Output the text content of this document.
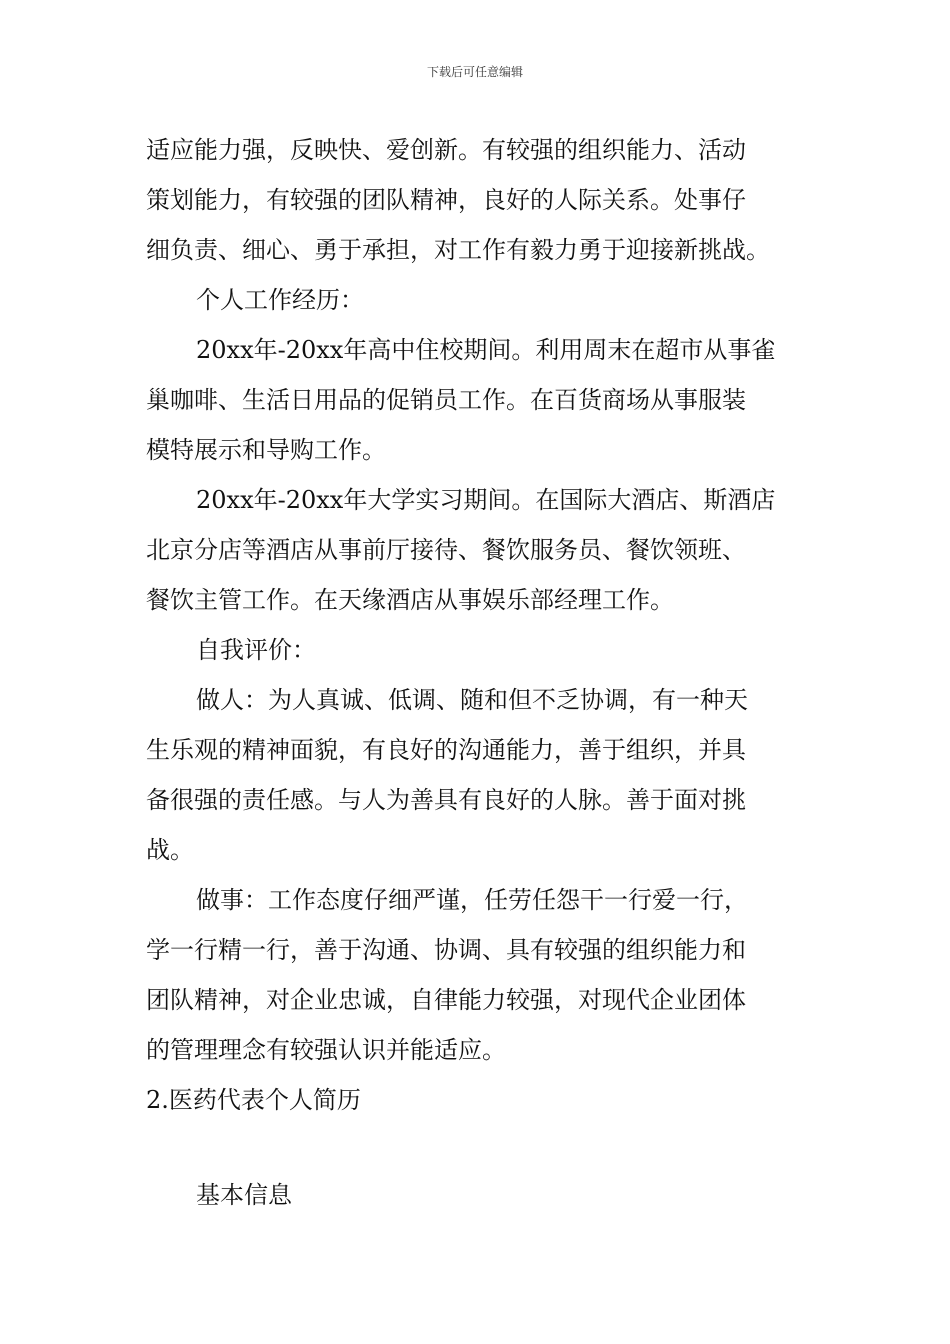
下载后可任意编辑
适应能力强，反映快、爱创新。有较强的组织能力、活动
策划能力，有较强的团队精神，良好的人际关系。处事仔
细负责、细心、勇于承担，对工作有毅力勇于迎接新挑战。
个人工作经历：
20xx年-20xx年高中住校期间。利用周末在超市从事雀
巢咖啡、生活日用品的促销员工作。在百货商场从事服装
模特展示和导购工作。
20xx年-20xx年大学实习期间。在国际大酒店、斯酒店
北京分店等酒店从事前厅接待、餐饮服务员、餐饮领班、
餐饮主管工作。在天缘酒店从事娱乐部经理工作。
自我评价：
做人：为人真诚、低调、随和但不乏协调，有一种天
生乐观的精神面貌，有良好的沟通能力，善于组织，并具
备很强的责任感。与人为善具有良好的人脉。善于面对挑
战。
做事：工作态度仔细严谨，任劳任怨干一行爱一行，
学一行精一行，善于沟通、协调、具有较强的组织能力和
团队精神，对企业忠诚，自律能力较强，对现代企业团体
的管理理念有较强认识并能适应。
2.医药代表个人简历
基本信息
